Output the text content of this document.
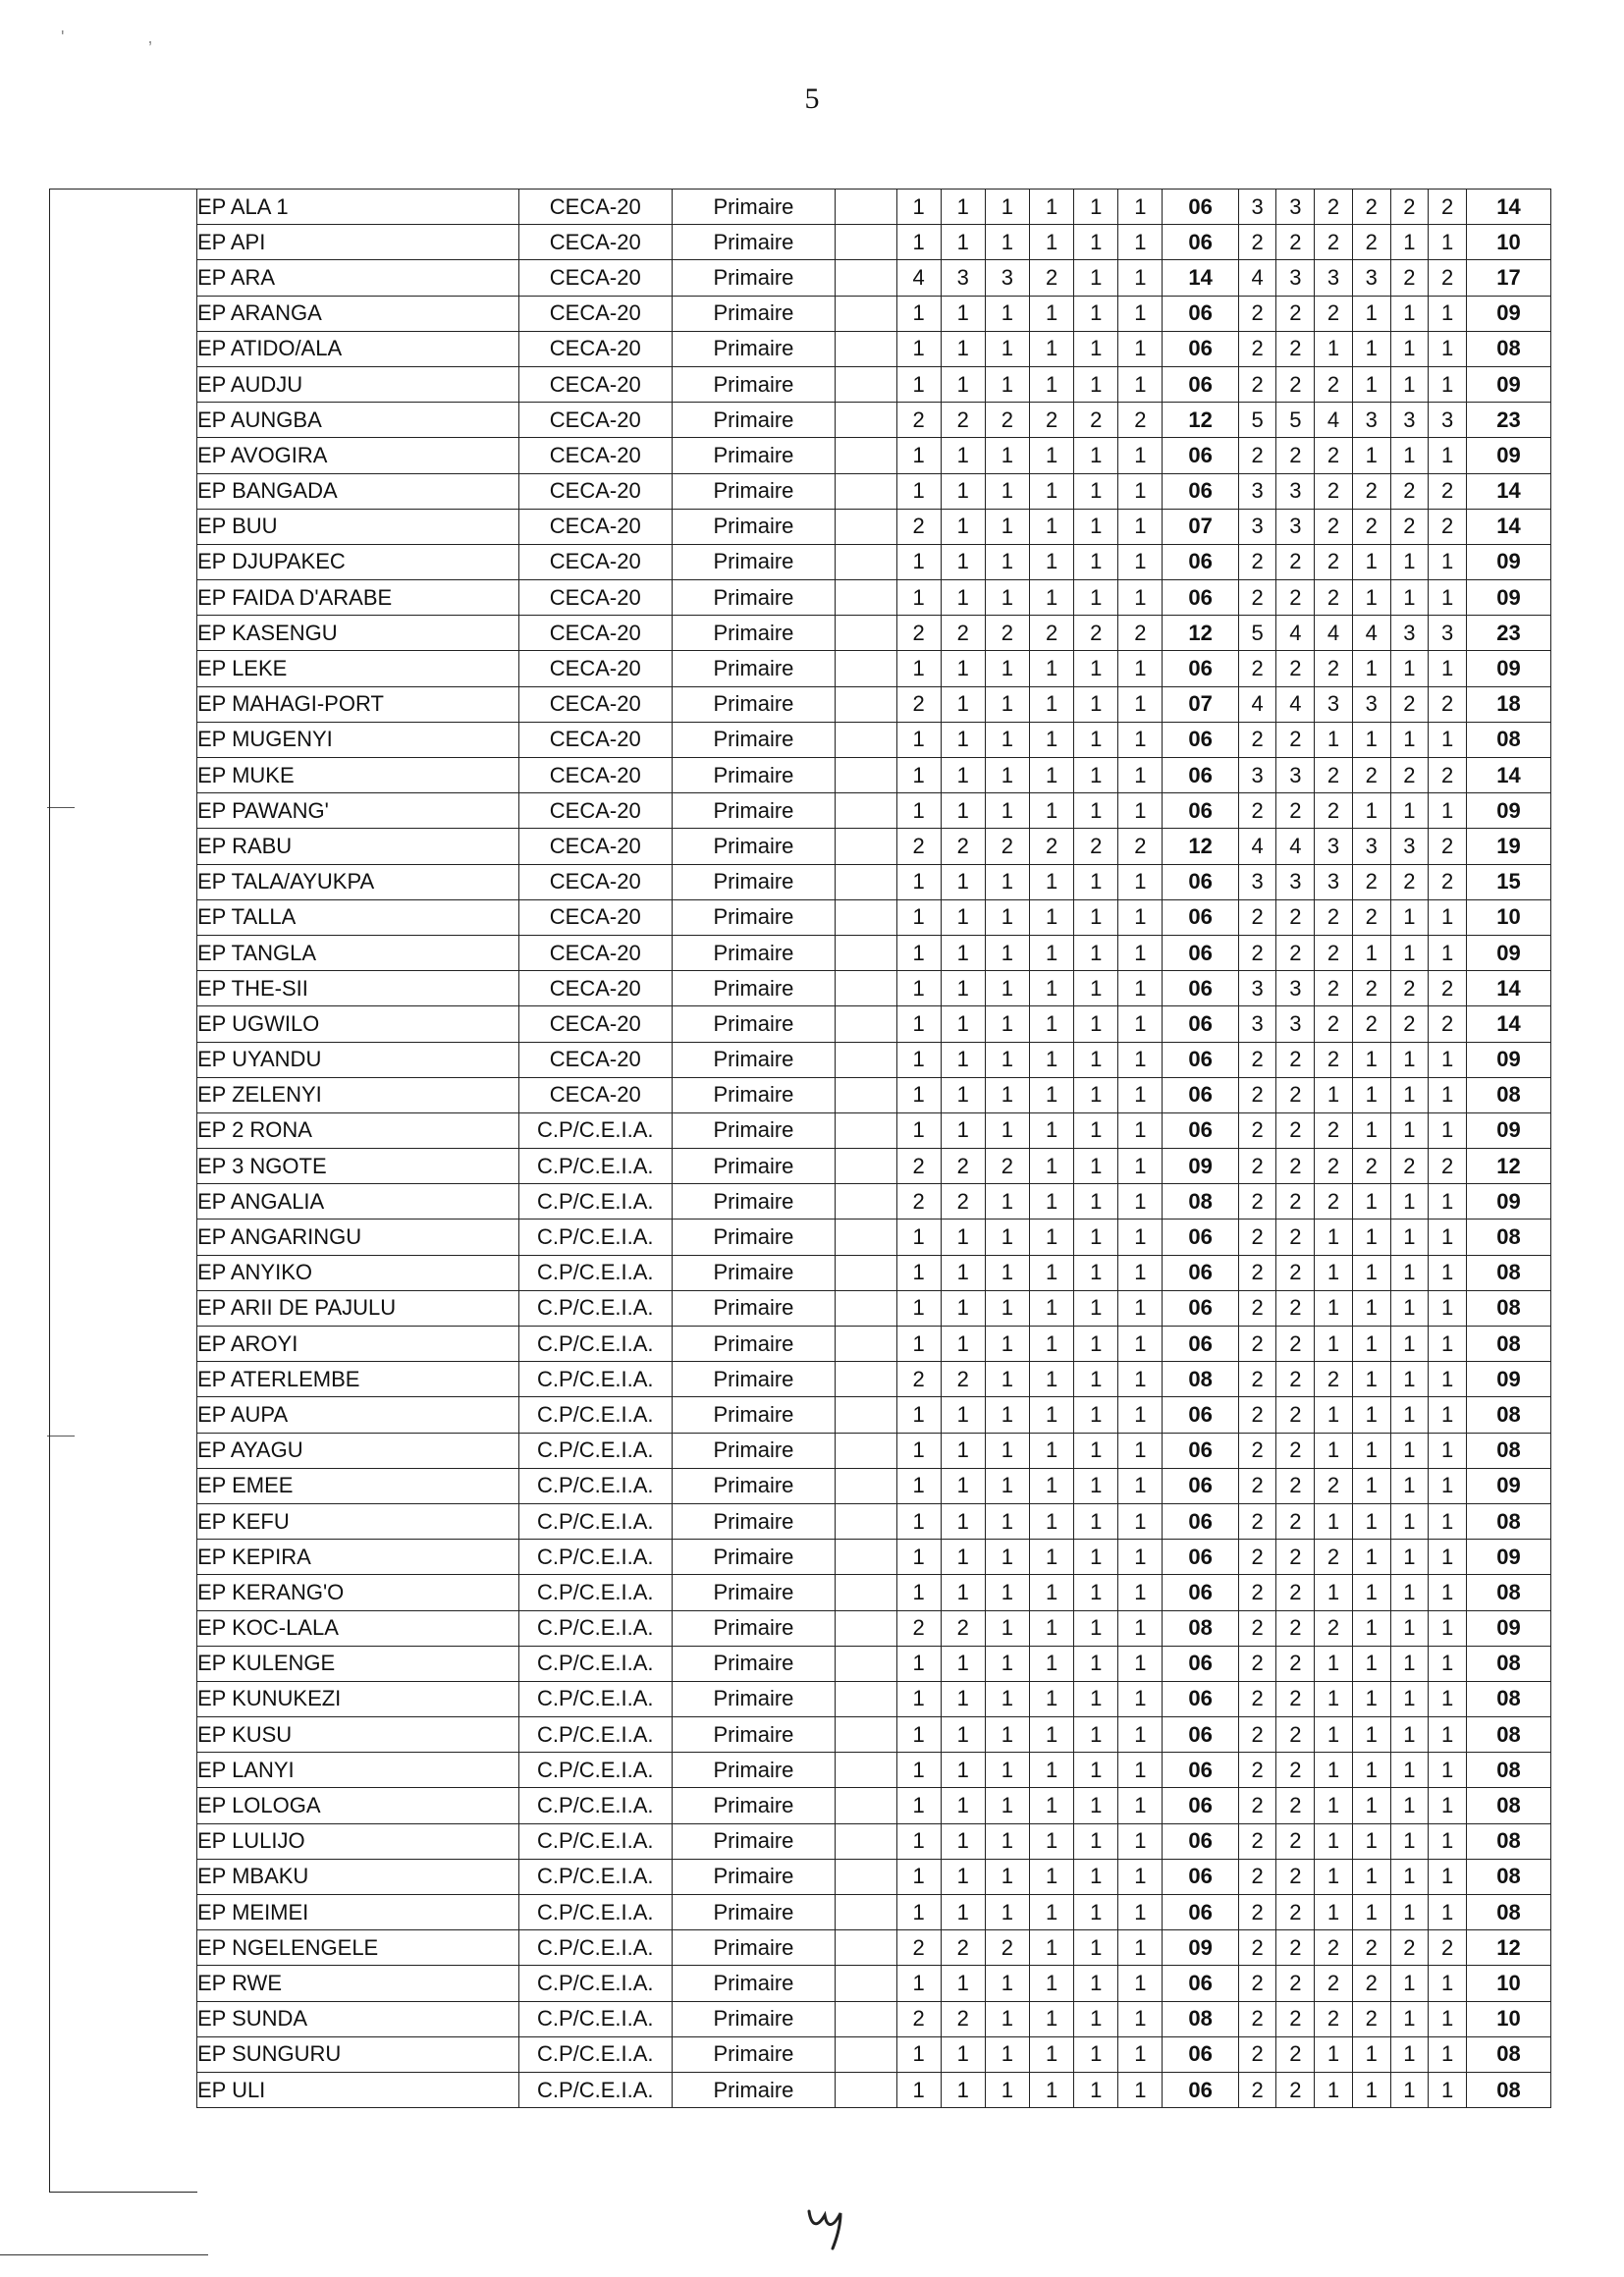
' ,
5
EP ALA 1	CECA-20	Primaire		1	1	1	1	1	1	06	3	3	2	2	2	2	14
EP API	CECA-20	Primaire		1	1	1	1	1	1	06	2	2	2	2	1	1	10
EP ARA	CECA-20	Primaire		4	3	3	2	1	1	14	4	3	3	3	2	2	17
EP ARANGA	CECA-20	Primaire		1	1	1	1	1	1	06	2	2	2	1	1	1	09
EP ATIDO/ALA	CECA-20	Primaire		1	1	1	1	1	1	06	2	2	1	1	1	1	08
EP AUDJU	CECA-20	Primaire		1	1	1	1	1	1	06	2	2	2	1	1	1	09
EP AUNGBA	CECA-20	Primaire		2	2	2	2	2	2	12	5	5	4	3	3	3	23
EP AVOGIRA	CECA-20	Primaire		1	1	1	1	1	1	06	2	2	2	1	1	1	09
EP BANGADA	CECA-20	Primaire		1	1	1	1	1	1	06	3	3	2	2	2	2	14
EP BUU	CECA-20	Primaire		2	1	1	1	1	1	07	3	3	2	2	2	2	14
EP DJUPAKEC	CECA-20	Primaire		1	1	1	1	1	1	06	2	2	2	1	1	1	09
EP FAIDA D'ARABE	CECA-20	Primaire		1	1	1	1	1	1	06	2	2	2	1	1	1	09
EP KASENGU	CECA-20	Primaire		2	2	2	2	2	2	12	5	4	4	4	3	3	23
EP LEKE	CECA-20	Primaire		1	1	1	1	1	1	06	2	2	2	1	1	1	09
EP MAHAGI-PORT	CECA-20	Primaire		2	1	1	1	1	1	07	4	4	3	3	2	2	18
EP MUGENYI	CECA-20	Primaire		1	1	1	1	1	1	06	2	2	1	1	1	1	08
EP MUKE	CECA-20	Primaire		1	1	1	1	1	1	06	3	3	2	2	2	2	14
EP PAWANG'	CECA-20	Primaire		1	1	1	1	1	1	06	2	2	2	1	1	1	09
EP RABU	CECA-20	Primaire		2	2	2	2	2	2	12	4	4	3	3	3	2	19
EP TALA/AYUKPA	CECA-20	Primaire		1	1	1	1	1	1	06	3	3	3	2	2	2	15
EP TALLA	CECA-20	Primaire		1	1	1	1	1	1	06	2	2	2	2	1	1	10
EP TANGLA	CECA-20	Primaire		1	1	1	1	1	1	06	2	2	2	1	1	1	09
EP THE-SII	CECA-20	Primaire		1	1	1	1	1	1	06	3	3	2	2	2	2	14
EP UGWILO	CECA-20	Primaire		1	1	1	1	1	1	06	3	3	2	2	2	2	14
EP UYANDU	CECA-20	Primaire		1	1	1	1	1	1	06	2	2	2	1	1	1	09
EP ZELENYI	CECA-20	Primaire		1	1	1	1	1	1	06	2	2	1	1	1	1	08
EP 2 RONA	C.P/C.E.I.A.	Primaire		1	1	1	1	1	1	06	2	2	2	1	1	1	09
EP 3 NGOTE	C.P/C.E.I.A.	Primaire		2	2	2	1	1	1	09	2	2	2	2	2	2	12
EP ANGALIA	C.P/C.E.I.A.	Primaire		2	2	1	1	1	1	08	2	2	2	1	1	1	09
EP ANGARINGU	C.P/C.E.I.A.	Primaire		1	1	1	1	1	1	06	2	2	1	1	1	1	08
EP ANYIKO	C.P/C.E.I.A.	Primaire		1	1	1	1	1	1	06	2	2	1	1	1	1	08
EP ARII DE PAJULU	C.P/C.E.I.A.	Primaire		1	1	1	1	1	1	06	2	2	1	1	1	1	08
EP AROYI	C.P/C.E.I.A.	Primaire		1	1	1	1	1	1	06	2	2	1	1	1	1	08
EP ATERLEMBE	C.P/C.E.I.A.	Primaire		2	2	1	1	1	1	08	2	2	2	1	1	1	09
EP AUPA	C.P/C.E.I.A.	Primaire		1	1	1	1	1	1	06	2	2	1	1	1	1	08
EP AYAGU	C.P/C.E.I.A.	Primaire		1	1	1	1	1	1	06	2	2	1	1	1	1	08
EP EMEE	C.P/C.E.I.A.	Primaire		1	1	1	1	1	1	06	2	2	2	1	1	1	09
EP KEFU	C.P/C.E.I.A.	Primaire		1	1	1	1	1	1	06	2	2	1	1	1	1	08
EP KEPIRA	C.P/C.E.I.A.	Primaire		1	1	1	1	1	1	06	2	2	2	1	1	1	09
EP KERANG'O	C.P/C.E.I.A.	Primaire		1	1	1	1	1	1	06	2	2	1	1	1	1	08
EP KOC-LALA	C.P/C.E.I.A.	Primaire		2	2	1	1	1	1	08	2	2	2	1	1	1	09
EP KULENGE	C.P/C.E.I.A.	Primaire		1	1	1	1	1	1	06	2	2	1	1	1	1	08
EP KUNUKEZI	C.P/C.E.I.A.	Primaire		1	1	1	1	1	1	06	2	2	1	1	1	1	08
EP KUSU	C.P/C.E.I.A.	Primaire		1	1	1	1	1	1	06	2	2	1	1	1	1	08
EP LANYI	C.P/C.E.I.A.	Primaire		1	1	1	1	1	1	06	2	2	1	1	1	1	08
EP LOLOGA	C.P/C.E.I.A.	Primaire		1	1	1	1	1	1	06	2	2	1	1	1	1	08
EP LULIJO	C.P/C.E.I.A.	Primaire		1	1	1	1	1	1	06	2	2	1	1	1	1	08
EP MBAKU	C.P/C.E.I.A.	Primaire		1	1	1	1	1	1	06	2	2	1	1	1	1	08
EP MEIMEI	C.P/C.E.I.A.	Primaire		1	1	1	1	1	1	06	2	2	1	1	1	1	08
EP NGELENGELE	C.P/C.E.I.A.	Primaire		2	2	2	1	1	1	09	2	2	2	2	2	2	12
EP RWE	C.P/C.E.I.A.	Primaire		1	1	1	1	1	1	06	2	2	2	2	1	1	10
EP SUNDA	C.P/C.E.I.A.	Primaire		2	2	1	1	1	1	08	2	2	2	2	1	1	10
EP SUNGURU	C.P/C.E.I.A.	Primaire		1	1	1	1	1	1	06	2	2	1	1	1	1	08
EP ULI	C.P/C.E.I.A.	Primaire		1	1	1	1	1	1	06	2	2	1	1	1	1	08
